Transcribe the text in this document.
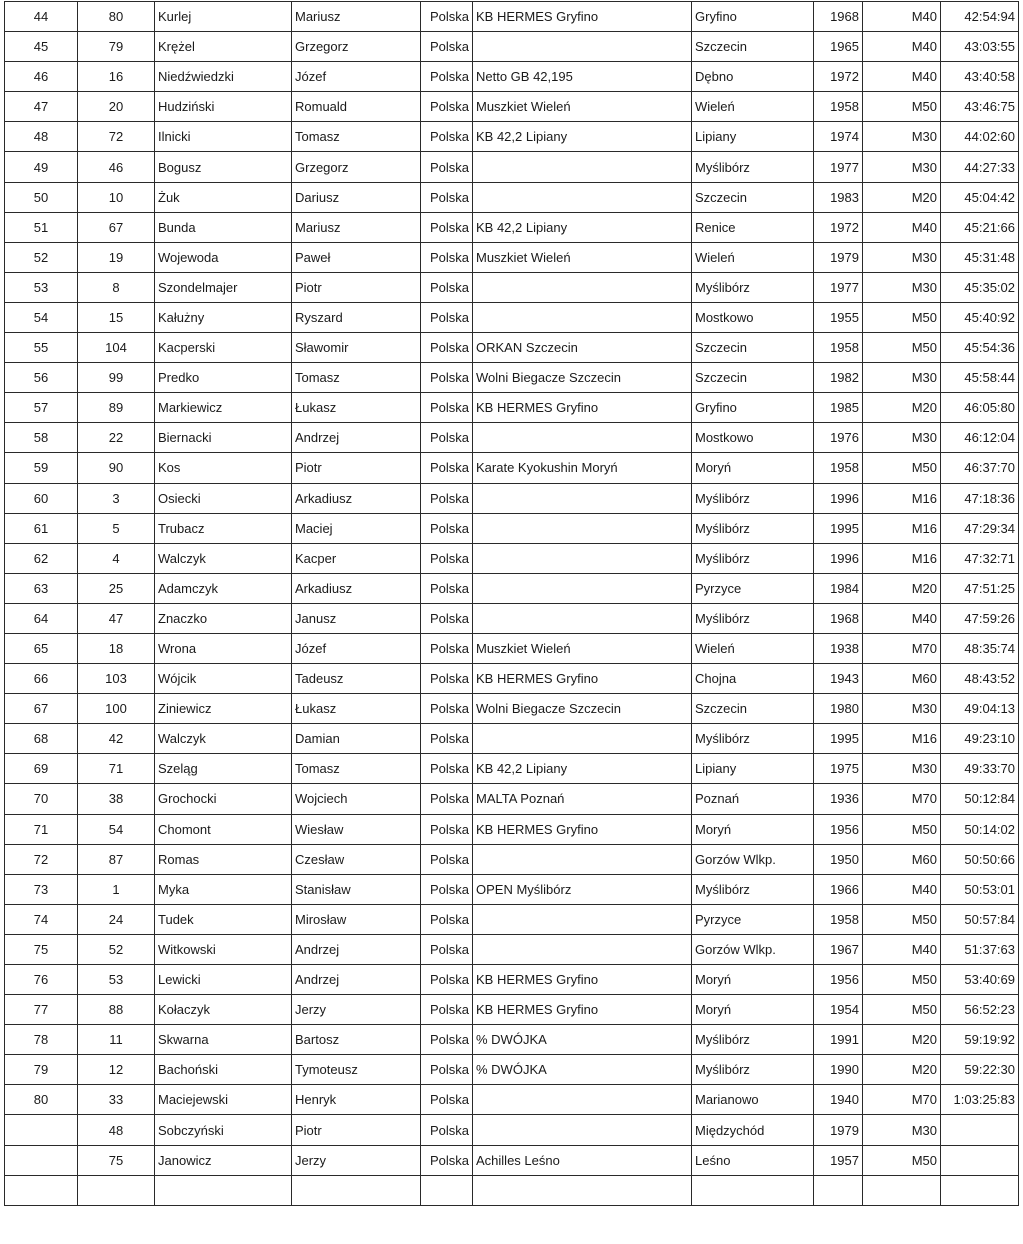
44	80	Kurlej	Mariusz	Polska	KB HERMES Gryfino	Gryfino	1968	M40	42:54:94
45	79	Krężel	Grzegorz	Polska		Szczecin	1965	M40	43:03:55
46	16	Niedźwiedzki	Józef	Polska	Netto GB 42,195	Dębno	1972	M40	43:40:58
47	20	Hudziński	Romuald	Polska	Muszkiet Wieleń	Wieleń	1958	M50	43:46:75
48	72	Ilnicki	Tomasz	Polska	KB 42,2 Lipiany	Lipiany	1974	M30	44:02:60
49	46	Bogusz	Grzegorz	Polska		Myślibórz	1977	M30	44:27:33
50	10	Żuk	Dariusz	Polska		Szczecin	1983	M20	45:04:42
51	67	Bunda	Mariusz	Polska	KB 42,2 Lipiany	Renice	1972	M40	45:21:66
52	19	Wojewoda	Paweł	Polska	Muszkiet Wieleń	Wieleń	1979	M30	45:31:48
53	8	Szondelmajer	Piotr	Polska		Myślibórz	1977	M30	45:35:02
54	15	Kałużny	Ryszard	Polska		Mostkowo	1955	M50	45:40:92
55	104	Kacperski	Sławomir	Polska	ORKAN Szczecin	Szczecin	1958	M50	45:54:36
56	99	Predko	Tomasz	Polska	Wolni Biegacze Szczecin	Szczecin	1982	M30	45:58:44
57	89	Markiewicz	Łukasz	Polska	KB HERMES Gryfino	Gryfino	1985	M20	46:05:80
58	22	Biernacki	Andrzej	Polska		Mostkowo	1976	M30	46:12:04
59	90	Kos	Piotr	Polska	Karate Kyokushin Moryń	Moryń	1958	M50	46:37:70
60	3	Osiecki	Arkadiusz	Polska		Myślibórz	1996	M16	47:18:36
61	5	Trubacz	Maciej	Polska		Myślibórz	1995	M16	47:29:34
62	4	Walczyk	Kacper	Polska		Myślibórz	1996	M16	47:32:71
63	25	Adamczyk	Arkadiusz	Polska		Pyrzyce	1984	M20	47:51:25
64	47	Znaczko	Janusz	Polska		Myślibórz	1968	M40	47:59:26
65	18	Wrona	Józef	Polska	Muszkiet Wieleń	Wieleń	1938	M70	48:35:74
66	103	Wójcik	Tadeusz	Polska	KB HERMES Gryfino	Chojna	1943	M60	48:43:52
67	100	Ziniewicz	Łukasz	Polska	Wolni Biegacze Szczecin	Szczecin	1980	M30	49:04:13
68	42	Walczyk	Damian	Polska		Myślibórz	1995	M16	49:23:10
69	71	Szeląg	Tomasz	Polska	KB 42,2 Lipiany	Lipiany	1975	M30	49:33:70
70	38	Grochocki	Wojciech	Polska	MALTA Poznań	Poznań	1936	M70	50:12:84
71	54	Chomont	Wiesław	Polska	KB HERMES Gryfino	Moryń	1956	M50	50:14:02
72	87	Romas	Czesław	Polska		Gorzów Wlkp.	1950	M60	50:50:66
73	1	Myka	Stanisław	Polska	OPEN Myślibórz	Myślibórz	1966	M40	50:53:01
74	24	Tudek	Mirosław	Polska		Pyrzyce	1958	M50	50:57:84
75	52	Witkowski	Andrzej	Polska		Gorzów Wlkp.	1967	M40	51:37:63
76	53	Lewicki	Andrzej	Polska	KB HERMES Gryfino	Moryń	1956	M50	53:40:69
77	88	Kołaczyk	Jerzy	Polska	KB HERMES Gryfino	Moryń	1954	M50	56:52:23
78	11	Skwarna	Bartosz	Polska	% DWÓJKA	Myślibórz	1991	M20	59:19:92
79	12	Bachoński	Tymoteusz	Polska	% DWÓJKA	Myślibórz	1990	M20	59:22:30
80	33	Maciejewski	Henryk	Polska		Marianowo	1940	M70	1:03:25:83
	48	Sobczyński	Piotr	Polska		Międzychód	1979	M30	
	75	Janowicz	Jerzy	Polska	Achilles Leśno	Leśno	1957	M50	
